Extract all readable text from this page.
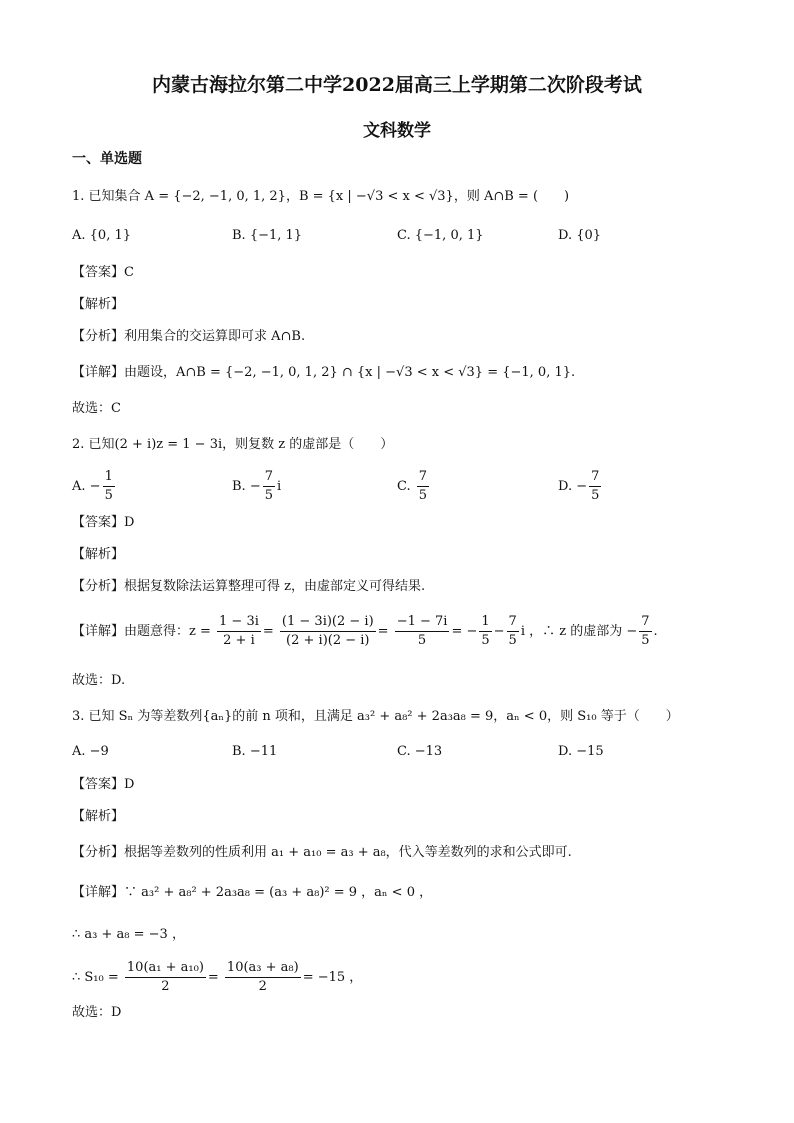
内蒙古海拉尔第二中学2022届高三上学期第二次阶段考试
文科数学
一、单选题
1. 已知集合 A = {−2, −1, 0, 1, 2}，B = {x | −√3 < x < √3}，则 A∩B = (　　)
A. {0, 1}	B. {−1, 1}	C. {−1, 0, 1}	D. {0}
【答案】C
【解析】
【分析】利用集合的交运算即可求 A∩B.
【详解】由题设，A∩B = {−2, −1, 0, 1, 2} ∩ {x | −√3 < x < √3} = {−1, 0, 1}.
故选：C
2. 已知(2 + i)z = 1 − 3i，则复数 z 的虚部是（　　）
A. − $\frac{1}{5}$	B. − $\frac{7}{5}$ i	C. $\frac{7}{5}$	D. − $\frac{7}{5}$
【答案】D
【解析】
【分析】根据复数除法运算整理可得 z，由虚部定义可得结果.
【详解】由题意得：$z = \frac{1 - 3i}{2 + i} = \frac{(1 - 3i)(2 - i)}{(2 + i)(2 - i)} = \frac{-1 - 7i}{5}$ = − $\frac{1}{5} - \frac{7}{5}$ i ，∴ z 的虚部为 − $\frac{7}{5}$ .
故选：D.
3. 已知 Sₙ 为等差数列{aₙ}的前 n 项和，且满足 a₃² + a₈² + 2a₃a₈ = 9，aₙ < 0，则 S₁₀ 等于（　　）
A. −9	B. −11	C. −13	D. −15
【答案】D
【解析】
【分析】根据等差数列的性质利用 a₁ + a₁₀ = a₃ + a₈，代入等差数列的求和公式即可.
【详解】∵ a₃² + a₈² + 2a₃a₈ = (a₃ + a₈)² = 9 ，aₙ < 0 ，
∴ a₃ + a₈ = −3 ，
∴ $S_{10} = \frac{\text{10(a₁ + a₁₀)}}{2} = \frac{\text{10(a₃ + a₈)}}{2} = -15$ ，
故选：D
